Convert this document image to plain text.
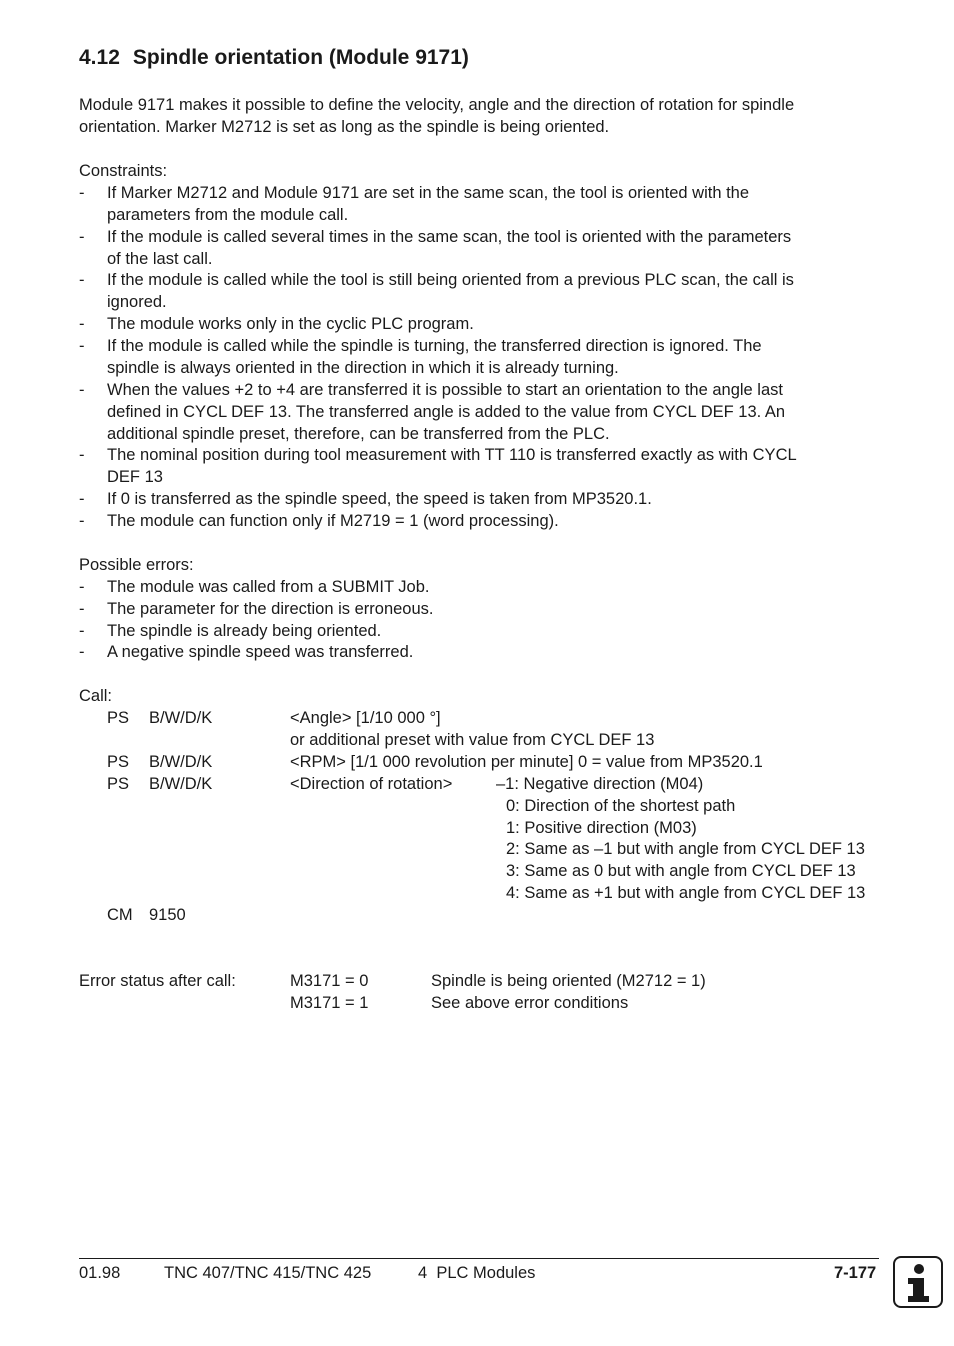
4.12 Spindle orientation (Module 9171)
Module 9171 makes it possible to define the velocity, angle and the direction of rotation for spindle
orientation. Marker M2712 is set as long as the spindle is being oriented.
Constraints:
- If Marker M2712 and Module 9171 are set in the same scan, the tool is oriented with the
parameters from the module call.
- If the module is called several times in the same scan, the tool is oriented with the parameters
of the last call.
- If the module is called while the tool is still being oriented from a previous PLC scan, the call is
ignored.
- The module works only in the cyclic PLC program.
- If the module is called while the spindle is turning, the transferred direction is ignored. The
spindle is always oriented in the direction in which it is already turning.
- When the values +2 to +4 are transferred it is possible to start an orientation to the angle last
defined in CYCL DEF 13. The transferred angle is added to the value from CYCL DEF 13. An
additional spindle preset, therefore, can be transferred from the PLC.
- The nominal position during tool measurement with TT 110 is transferred exactly as with CYCL
DEF 13
- If 0 is transferred as the spindle speed, the speed is taken from MP3520.1.
- The module can function only if M2719 = 1 (word processing).
Possible errors:
- The module was called from a SUBMIT Job.
- The parameter for the direction is erroneous.
- The spindle is already being oriented.
- A negative spindle speed was transferred.
Call:
PS B/W/D/K	<Angle> [1/10 000 °]
or additional preset with value from CYCL DEF 13
PS B/W/D/K	<RPM> [1/1 000 revolution per minute] 0 = value from MP3520.1
PS B/W/D/K	<Direction of rotation>	–1: Negative direction (M04)
0: Direction of the shortest path
1: Positive direction (M03)
2: Same as –1 but with angle from CYCL DEF 13
3: Same as 0 but with angle from CYCL DEF 13
4: Same as +1 but with angle from CYCL DEF 13
CM 9150
Error status after call:	M3171 = 0	Spindle is being oriented (M2712 = 1)
M3171 = 1	See above error conditions
01.98	TNC 407/TNC 415/TNC 425	4  PLC Modules	7-177
